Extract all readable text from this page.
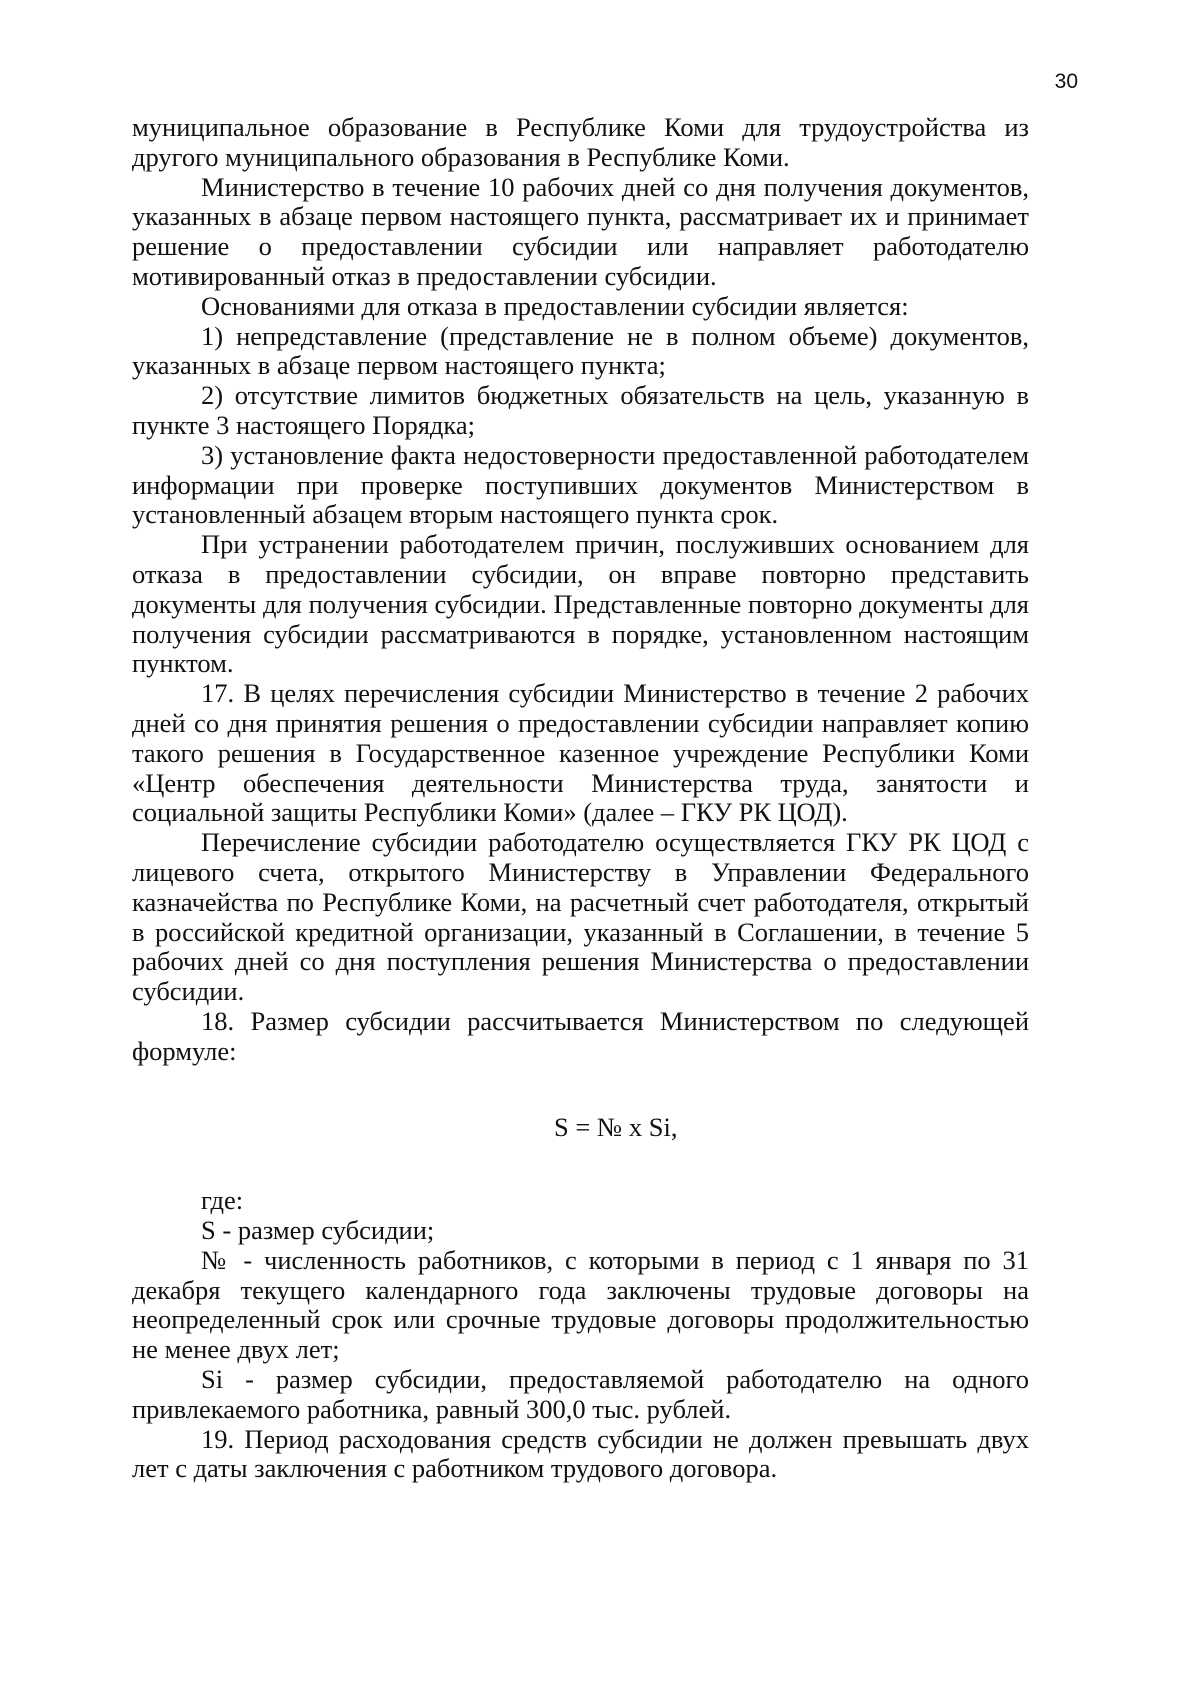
30

муниципальное образование в Республике Коми для трудоустройства из другого муниципального образования в Республике Коми.

Министерство в течение 10 рабочих дней со дня получения документов, указанных в абзаце первом настоящего пункта, рассматривает их и принимает решение о предоставлении субсидии или направляет работодателю мотивированный отказ в предоставлении субсидии.

Основаниями для отказа в предоставлении субсидии является:

1) непредставление (представление не в полном объеме) документов, указанных в абзаце первом настоящего пункта;

2) отсутствие лимитов бюджетных обязательств на цель, указанную в пункте 3 настоящего Порядка;

3) установление факта недостоверности предоставленной работодателем информации при проверке поступивших документов Министерством в установленный абзацем вторым настоящего пункта срок.

При устранении работодателем причин, послуживших основанием для отказа в предоставлении субсидии, он вправе повторно представить документы для получения субсидии. Представленные повторно документы для получения субсидии рассматриваются в порядке, установленном настоящим пунктом.

17. В целях перечисления субсидии Министерство в течение 2 рабочих дней со дня принятия решения о предоставлении субсидии направляет копию такого решения в Государственное казенное учреждение Республики Коми «Центр обеспечения деятельности Министерства труда, занятости и социальной защиты Республики Коми» (далее – ГКУ РК ЦОД).

Перечисление субсидии работодателю осуществляется ГКУ РК ЦОД с лицевого счета, открытого Министерству в Управлении Федерального казначейства по Республике Коми, на расчетный счет работодателя, открытый в российской кредитной организации, указанный в Соглашении, в течение 5 рабочих дней со дня поступления решения Министерства о предоставлении субсидии.

18. Размер субсидии рассчитывается Министерством по следующей формуле:

S = № x Si,

где:

S - размер субсидии;

№ - численность работников, с которыми в период с 1 января по 31 декабря текущего календарного года заключены трудовые договоры на неопределенный срок или срочные трудовые договоры продолжительностью не менее двух лет;

Si - размер субсидии, предоставляемой работодателю на одного привлекаемого работника, равный 300,0 тыс. рублей.

19. Период расходования средств субсидии не должен превышать двух лет с даты заключения с работником трудового договора.
